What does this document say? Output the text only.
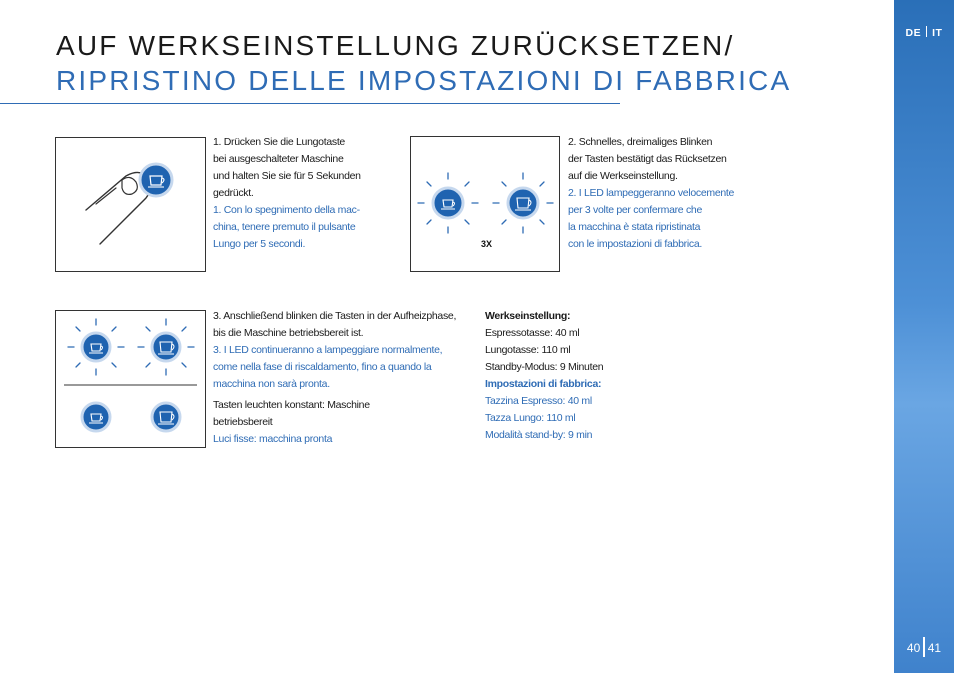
DE IT
40 41
AUF WERKSEINSTELLUNG ZURÜCKSETZEN/
RIPRISTINO DELLE IMPOSTAZIONI DI FABBRICA

1. Drücken Sie die Lungotaste

bei ausgeschalteter Maschine

und halten Sie sie für 5 Sekunden

gedrückt.

1. Con lo spegnimento della mac-

china, tenere premuto il pulsante

Lungo per 5 secondi.	3X

2. Schnelles, dreimaliges Blinken

der Tasten bestätigt das Rücksetzen

auf die Werkseinstellung.

2. I LED lampeggeranno velocemente

per 3 volte per confermare che

la macchina è stata ripristinata

con le impostazioni di fabbrica.

3. Anschließend blinken die Tasten in der Aufheizphase,

bis die Maschine betriebsbereit ist.

3. I LED continueranno a lampeggiare normalmente,

come nella fase di riscaldamento, fino a quando la

macchina non sarà pronta.

Tasten leuchten konstant: Maschine

betriebsbereit

Luci fisse: macchina pronta

Werkseinstellung:

Espressotasse: 40 ml

Lungotasse: 110 ml

Standby-Modus: 9 Minuten

Impostazioni di fabbrica:

Tazzina Espresso: 40 ml

Tazza Lungo: 110 ml

Modalità stand-by: 9 min
